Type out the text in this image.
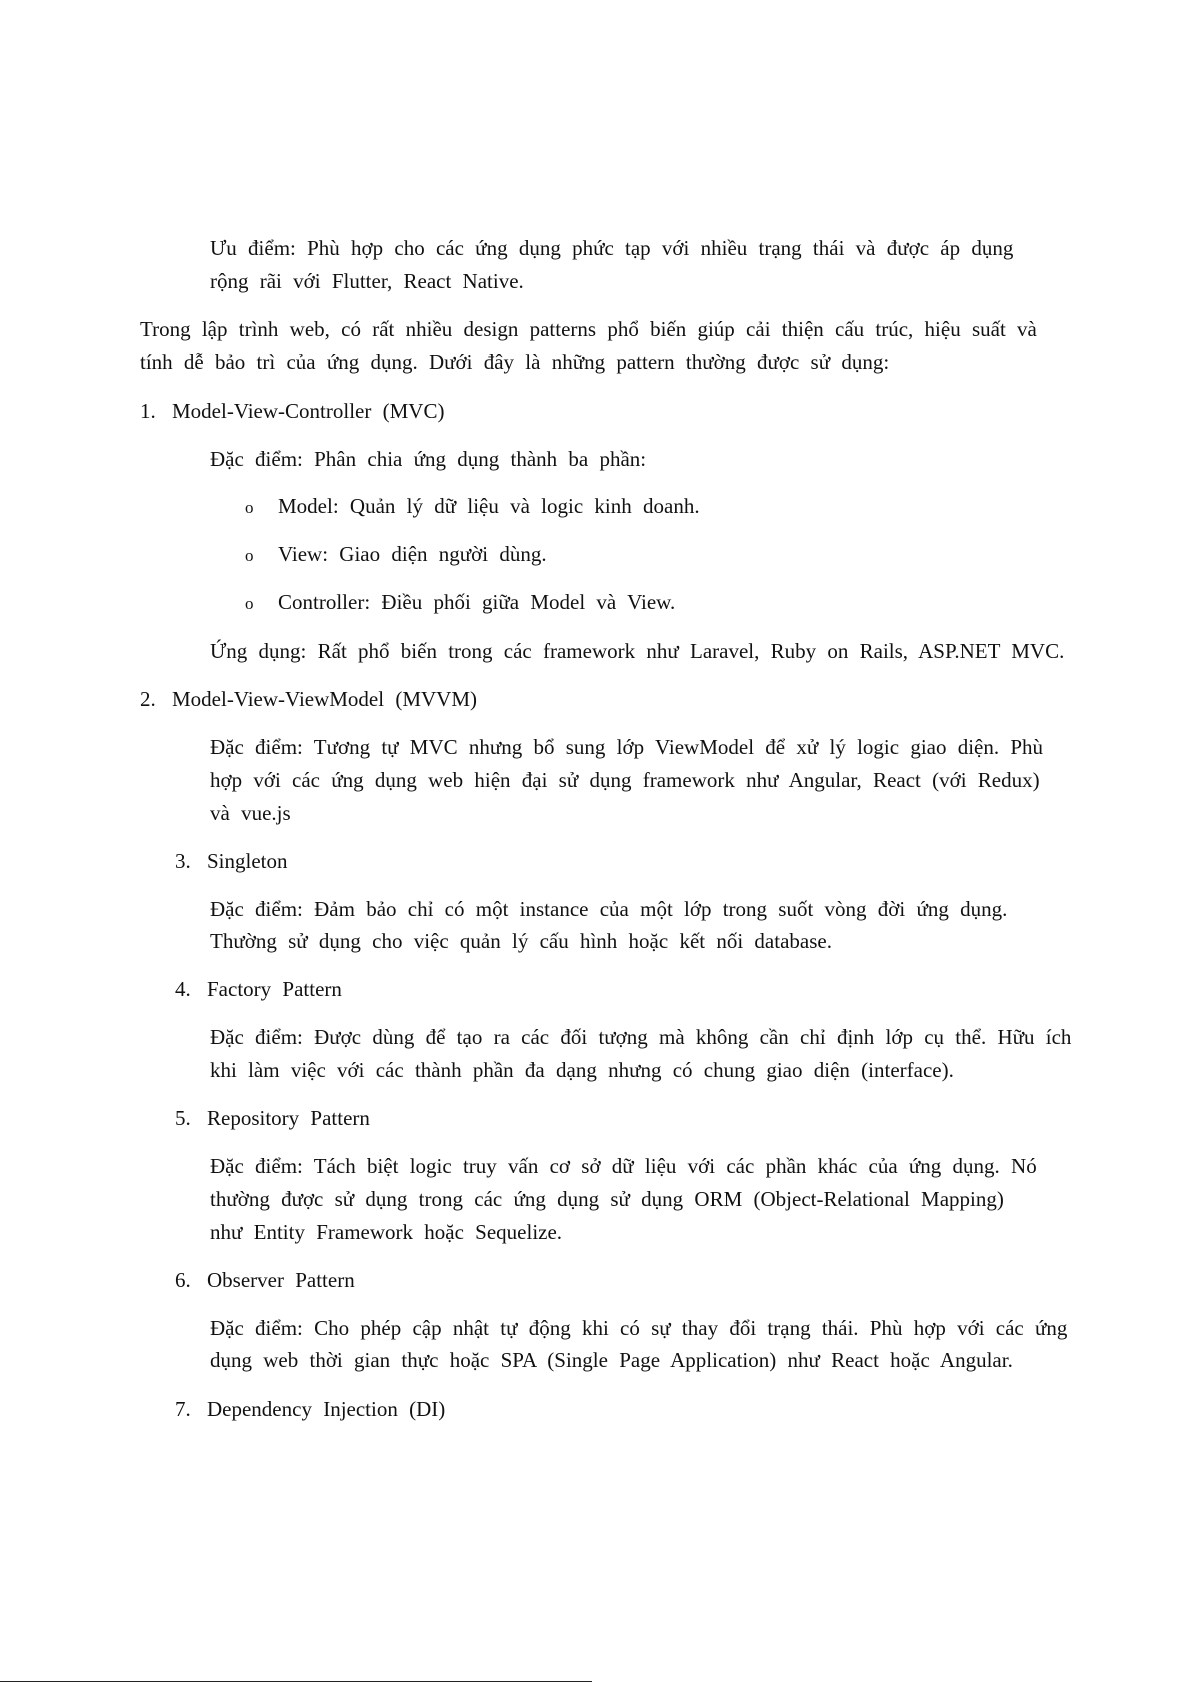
Ưu điểm: Phù hợp cho các ứng dụng phức tạp với nhiều trạng thái và được áp dụng
rộng rãi với Flutter, React Native.
Trong lập trình web, có rất nhiều design patterns phổ biến giúp cải thiện cấu trúc, hiệu suất và
tính dễ bảo trì của ứng dụng. Dưới đây là những pattern thường được sử dụng:
1. Model-View-Controller (MVC)
Đặc điểm: Phân chia ứng dụng thành ba phần:
o Model: Quản lý dữ liệu và logic kinh doanh.
o View: Giao diện người dùng.
o Controller: Điều phối giữa Model và View.
Ứng dụng: Rất phổ biến trong các framework như Laravel, Ruby on Rails, ASP.NET MVC.
2. Model-View-ViewModel (MVVM)
Đặc điểm: Tương tự MVC nhưng bổ sung lớp ViewModel để xử lý logic giao diện. Phù
hợp với các ứng dụng web hiện đại sử dụng framework như Angular, React (với Redux)
và vue.js
3. Singleton
Đặc điểm: Đảm bảo chỉ có một instance của một lớp trong suốt vòng đời ứng dụng.
Thường sử dụng cho việc quản lý cấu hình hoặc kết nối database.
4. Factory Pattern
Đặc điểm: Được dùng để tạo ra các đối tượng mà không cần chỉ định lớp cụ thể. Hữu ích
khi làm việc với các thành phần đa dạng nhưng có chung giao diện (interface).
5. Repository Pattern
Đặc điểm: Tách biệt logic truy vấn cơ sở dữ liệu với các phần khác của ứng dụng. Nó
thường được sử dụng trong các ứng dụng sử dụng ORM (Object-Relational Mapping)
như Entity Framework hoặc Sequelize.
6. Observer Pattern
Đặc điểm: Cho phép cập nhật tự động khi có sự thay đổi trạng thái. Phù hợp với các ứng
dụng web thời gian thực hoặc SPA (Single Page Application) như React hoặc Angular.
7. Dependency Injection (DI)
